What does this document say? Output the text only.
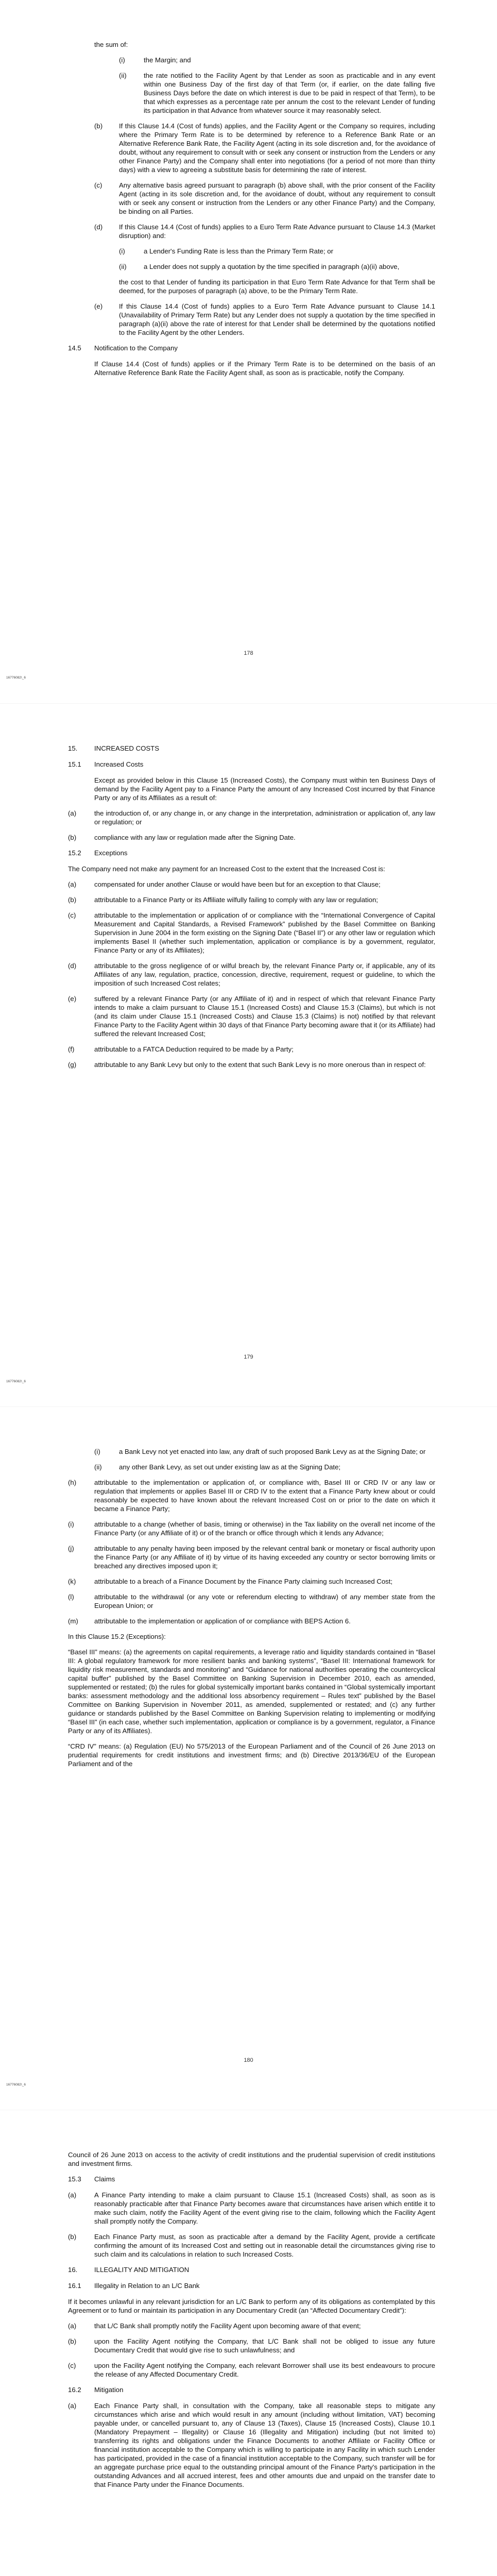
the sum of:

(i)	the Margin; and
(ii)	the rate notified to the Facility Agent by that Lender as soon as practicable and in any event within one Business Day of the first day of that Term (or, if earlier, on the date falling five Business Days before the date on which interest is due to be paid in respect of that Term), to be that which expresses as a percentage rate per annum the cost to the relevant Lender of funding its participation in that Advance from whatever source it may reasonably select.
(b)	If this Clause 14.4 (Cost of funds) applies, and the Facility Agent or the Company so requires, including where the Primary Term Rate is to be determined by reference to a Reference Bank Rate or an Alternative Reference Bank Rate, the Facility Agent (acting in its sole discretion and, for the avoidance of doubt, without any requirement to consult with or seek any consent or instruction from the Lenders or any other Finance Party) and the Company shall enter into negotiations (for a period of not more than thirty days) with a view to agreeing a substitute basis for determining the rate of interest.
(c)	Any alternative basis agreed pursuant to paragraph (b) above shall, with the prior consent of the Facility Agent (acting in its sole discretion and, for the avoidance of doubt, without any requirement to consult with or seek any consent or instruction from the Lenders or any other Finance Party) and the Company, be binding on all Parties.
(d)	If this Clause 14.4 (Cost of funds) applies to a Euro Term Rate Advance pursuant to Clause 14.3 (Market disruption) and:
(i)	a Lender's Funding Rate is less than the Primary Term Rate; or
(ii)	a Lender does not supply a quotation by the time specified in paragraph (a)(ii) above,

the cost to that Lender of funding its participation in that Euro Term Rate Advance for that Term shall be deemed, for the purposes of paragraph (a) above, to be the Primary Term Rate.

(e)	If this Clause 14.4 (Cost of funds) applies to a Euro Term Rate Advance pursuant to Clause 14.1 (Unavailability of Primary Term Rate) but any Lender does not supply a quotation by the time specified in paragraph (a)(ii) above the rate of interest for that Lender shall be determined by the quotations notified to the Facility Agent by the other Lenders.
14.5	Notification to the Company

If Clause 14.4 (Cost of funds) applies or if the Primary Term Rate is to be determined on the basis of an Alternative Reference Bank Rate the Facility Agent shall, as soon as is practicable, notify the Company.

178
16776082\_6
15.	INCREASED COSTS
15.1	Increased Costs

Except as provided below in this Clause 15 (Increased Costs), the Company must within ten Business Days of demand by the Facility Agent pay to a Finance Party the amount of any Increased Cost incurred by that Finance Party or any of its Affiliates as a result of:

(a)	the introduction of, or any change in, or any change in the interpretation, administration or application of, any law or regulation; or
(b)	compliance with any law or regulation made after the Signing Date.
15.2	Exceptions

The Company need not make any payment for an Increased Cost to the extent that the Increased Cost is:

(a)	compensated for under another Clause or would have been but for an exception to that Clause;
(b)	attributable to a Finance Party or its Affiliate wilfully failing to comply with any law or regulation;
(c)	attributable to the implementation or application of or compliance with the “International Convergence of Capital Measurement and Capital Standards, a Revised Framework” published by the Basel Committee on Banking Supervision in June 2004 in the form existing on the Signing Date (“Basel II”) or any other law or regulation which implements Basel II (whether such implementation, application or compliance is by a government, regulator, Finance Party or any of its Affiliates);
(d)	attributable to the gross negligence of or wilful breach by, the relevant Finance Party or, if applicable, any of its Affiliates of any law, regulation, practice, concession, directive, requirement, request or guideline, to which the imposition of such Increased Cost relates;
(e)	suffered by a relevant Finance Party (or any Affiliate of it) and in respect of which that relevant Finance Party intends to make a claim pursuant to Clause 15.1 (Increased Costs) and Clause 15.3 (Claims), but which is not (and its claim under Clause 15.1 (Increased Costs) and Clause 15.3 (Claims) is not) notified by that relevant Finance Party to the Facility Agent within 30 days of that Finance Party becoming aware that it (or its Affiliate) had suffered the relevant Increased Cost;
(f)	attributable to a FATCA Deduction required to be made by a Party;
(g)	attributable to any Bank Levy but only to the extent that such Bank Levy is no more onerous than in respect of:
179
16776082\_6
(i)	a Bank Levy not yet enacted into law, any draft of such proposed Bank Levy as at the Signing Date; or
(ii)	any other Bank Levy, as set out under existing law as at the Signing Date;
(h)	attributable to the implementation or application of, or compliance with, Basel III or CRD IV or any law or regulation that implements or applies Basel III or CRD IV to the extent that a Finance Party knew about or could reasonably be expected to have known about the relevant Increased Cost on or prior to the date on which it became a Finance Party;
(i)	attributable to a change (whether of basis, timing or otherwise) in the Tax liability on the overall net income of the Finance Party (or any Affiliate of it) or of the branch or office through which it lends any Advance;
(j)	attributable to any penalty having been imposed by the relevant central bank or monetary or fiscal authority upon the Finance Party (or any Affiliate of it) by virtue of its having exceeded any country or sector borrowing limits or breached any directives imposed upon it;
(k)	attributable to a breach of a Finance Document by the Finance Party claiming such Increased Cost;
(l)	attributable to the withdrawal (or any vote or referendum electing to withdraw) of any member state from the European Union; or
(m)	attributable to the implementation or application of or compliance with BEPS Action 6.

In this Clause 15.2 (Exceptions):

“Basel III” means: (a) the agreements on capital requirements, a leverage ratio and liquidity standards contained in “Basel III: A global regulatory framework for more resilient banks and banking systems”, “Basel III: International framework for liquidity risk measurement, standards and monitoring” and “Guidance for national authorities operating the countercyclical capital buffer” published by the Basel Committee on Banking Supervision in December 2010, each as amended, supplemented or restated; (b) the rules for global systemically important banks contained in “Global systemically important banks: assessment methodology and the additional loss absorbency requirement – Rules text” published by the Basel Committee on Banking Supervision in November 2011, as amended, supplemented or restated; and (c) any further guidance or standards published by the Basel Committee on Banking Supervision relating to implementing or modifying “Basel III” (in each case, whether such implementation, application or compliance is by a government, regulator, a Finance Party or any of its Affiliates).

“CRD IV” means: (a) Regulation (EU) No 575/2013 of the European Parliament and of the Council of 26 June 2013 on prudential requirements for credit institutions and investment firms; and (b) Directive 2013/36/EU of the European Parliament and of the

180
16776082\_6

Council of 26 June 2013 on access to the activity of credit institutions and the prudential supervision of credit institutions and investment firms.

15.3	Claims
(a)	A Finance Party intending to make a claim pursuant to Clause 15.1 (Increased Costs) shall, as soon as is reasonably practicable after that Finance Party becomes aware that circumstances have arisen which entitle it to make such claim, notify the Facility Agent of the event giving rise to the claim, following which the Facility Agent shall promptly notify the Company.
(b)	Each Finance Party must, as soon as practicable after a demand by the Facility Agent, provide a certificate confirming the amount of its Increased Cost and setting out in reasonable detail the circumstances giving rise to such claim and its calculations in relation to such Increased Costs.
16.	ILLEGALITY AND MITIGATION
16.1	Illegality in Relation to an L/C Bank

If it becomes unlawful in any relevant jurisdiction for an L/C Bank to perform any of its obligations as contemplated by this Agreement or to fund or maintain its participation in any Documentary Credit (an “Affected Documentary Credit”):

(a)	that L/C Bank shall promptly notify the Facility Agent upon becoming aware of that event;
(b)	upon the Facility Agent notifying the Company, that L/C Bank shall not be obliged to issue any future Documentary Credit that would give rise to such unlawfulness; and
(c)	upon the Facility Agent notifying the Company, each relevant Borrower shall use its best endeavours to procure the release of any Affected Documentary Credit.
16.2	Mitigation
(a)	Each Finance Party shall, in consultation with the Company, take all reasonable steps to mitigate any circumstances which arise and which would result in any amount (including without limitation, VAT) becoming payable under, or cancelled pursuant to, any of Clause 13 (Taxes), Clause 15 (Increased Costs), Clause 10.1 (Mandatory Prepayment – Illegality) or Clause 16 (Illegality and Mitigation) including (but not limited to) transferring its rights and obligations under the Finance Documents to another Affiliate or Facility Office or financial institution acceptable to the Company which is willing to participate in any Facility in which such Lender has participated, provided in the case of a financial institution acceptable to the Company, such transfer will be for an aggregate purchase price equal to the outstanding principal amount of the Finance Party's participation in the outstanding Advances and all accrued interest, fees and other amounts due and unpaid on the transfer date to that Finance Party under the Finance Documents.
